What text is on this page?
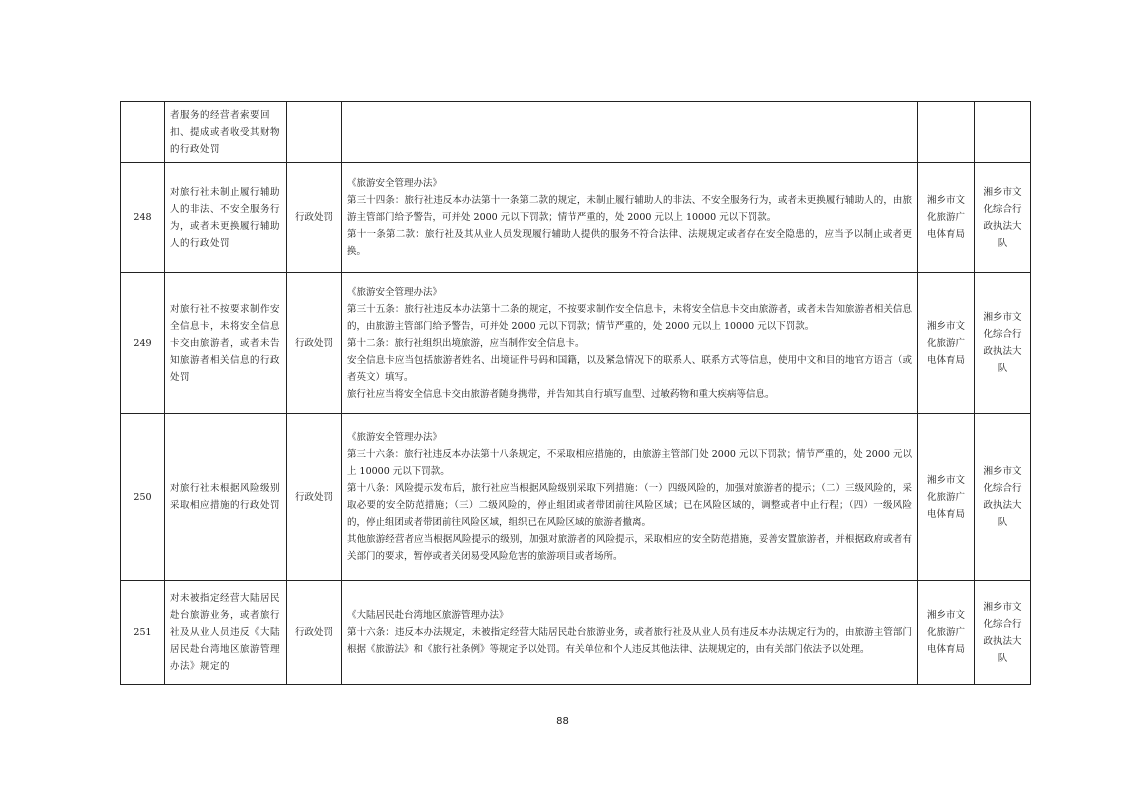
	者服务的经营者索要回扣、提成或者收受其财物的行政处罚				
248	对旅行社未制止履行辅助人的非法、不安全服务行为，或者未更换履行辅助人的行政处罚	行政处罚	《旅游安全管理办法》

第三十四条：旅行社违反本办法第十一条第二款的规定，未制止履行辅助人的非法、不安全服务行为，或者未更换履行辅助人的，由旅游主管部门给予警告，可并处 2000 元以下罚款；情节严重的，处 2000 元以上 10000 元以下罚款。

第十一条第二款：旅行社及其从业人员发现履行辅助人提供的服务不符合法律、法规规定或者存在安全隐患的，应当予以制止或者更换。	湘乡市文化旅游广电体育局	湘乡市文化综合行政执法大队
249	对旅行社不按要求制作安全信息卡，未将安全信息卡交由旅游者，或者未告知旅游者相关信息的行政处罚	行政处罚	《旅游安全管理办法》

第三十五条：旅行社违反本办法第十二条的规定，不按要求制作安全信息卡，未将安全信息卡交由旅游者，或者未告知旅游者相关信息的，由旅游主管部门给予警告，可并处 2000 元以下罚款；情节严重的，处 2000 元以上 10000 元以下罚款。

第十二条：旅行社组织出境旅游，应当制作安全信息卡。

安全信息卡应当包括旅游者姓名、出境证件号码和国籍，以及紧急情况下的联系人、联系方式等信息，使用中文和目的地官方语言（或者英文）填写。

旅行社应当将安全信息卡交由旅游者随身携带，并告知其自行填写血型、过敏药物和重大疾病等信息。	湘乡市文化旅游广电体育局	湘乡市文化综合行政执法大队
250	对旅行社未根据风险级别采取相应措施的行政处罚	行政处罚	《旅游安全管理办法》

第三十六条：旅行社违反本办法第十八条规定，不采取相应措施的，由旅游主管部门处 2000 元以下罚款；情节严重的，处 2000 元以上 10000 元以下罚款。

第十八条：风险提示发布后，旅行社应当根据风险级别采取下列措施：（一）四级风险的，加强对旅游者的提示；（二）三级风险的，采取必要的安全防范措施；（三）二级风险的，停止组团或者带团前往风险区域；已在风险区域的，调整或者中止行程；（四）一级风险的，停止组团或者带团前往风险区域，组织已在风险区域的旅游者撤离。

其他旅游经营者应当根据风险提示的级别，加强对旅游者的风险提示，采取相应的安全防范措施，妥善安置旅游者，并根据政府或者有关部门的要求，暂停或者关闭易受风险危害的旅游项目或者场所。	湘乡市文化旅游广电体育局	湘乡市文化综合行政执法大队
251	对未被指定经营大陆居民赴台旅游业务，或者旅行社及从业人员违反《大陆居民赴台湾地区旅游管理办法》规定的	行政处罚	《大陆居民赴台湾地区旅游管理办法》

第十六条：违反本办法规定，未被指定经营大陆居民赴台旅游业务，或者旅行社及从业人员有违反本办法规定行为的，由旅游主管部门根据《旅游法》和《旅行社条例》等规定予以处罚。有关单位和个人违反其他法律、法规规定的，由有关部门依法予以处理。	湘乡市文化旅游广电体育局	湘乡市文化综合行政执法大队
88
